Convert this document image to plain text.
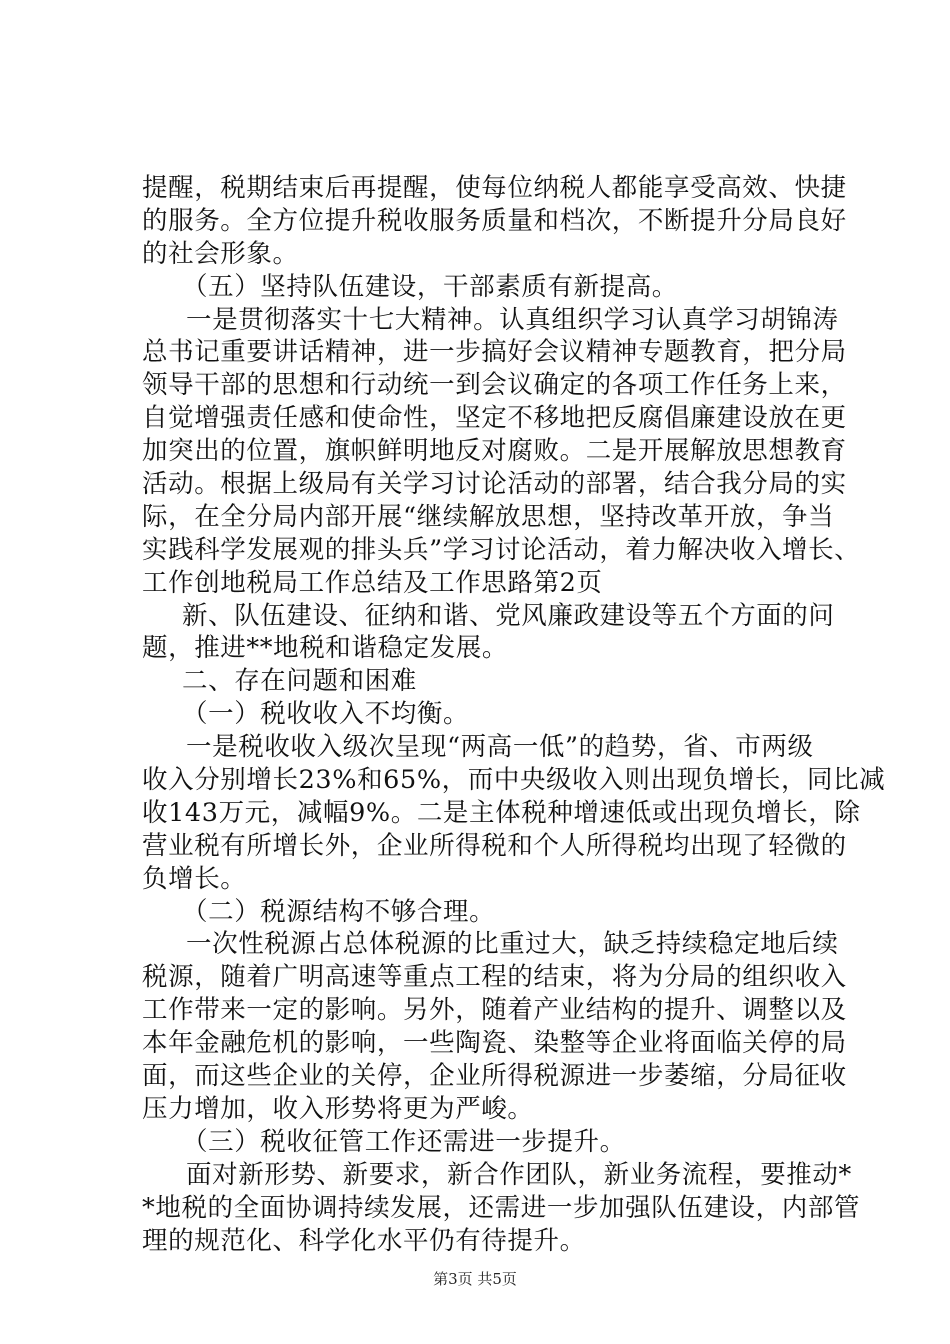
提醒，税期结束后再提醒，使每位纳税人都能享受高效、快捷
的服务。全方位提升税收服务质量和档次，不断提升分局良好
的社会形象。
（五）坚持队伍建设，干部素质有新提高。
一是贯彻落实十七大精神。认真组织学习认真学习胡锦涛
总书记重要讲话精神，进一步搞好会议精神专题教育，把分局
领导干部的思想和行动统一到会议确定的各项工作任务上来，
自觉增强责任感和使命性，坚定不移地把反腐倡廉建设放在更
加突出的位置，旗帜鲜明地反对腐败。二是开展解放思想教育
活动。根据上级局有关学习讨论活动的部署，结合我分局的实
际，在全分局内部开展“继续解放思想，坚持改革开放，争当
实践科学发展观的排头兵”学习讨论活动，着力解决收入增长、
工作创地税局工作总结及工作思路第2页
新、队伍建设、征纳和谐、党风廉政建设等五个方面的问
题，推进**地税和谐稳定发展。
二、存在问题和困难
（一）税收收入不均衡。
一是税收收入级次呈现“两高一低”的趋势，省、市两级
收入分别增长23%和65%，而中央级收入则出现负增长，同比减
收143万元，减幅9%。二是主体税种增速低或出现负增长，除
营业税有所增长外，企业所得税和个人所得税均出现了轻微的
负增长。
（二）税源结构不够合理。
一次性税源占总体税源的比重过大，缺乏持续稳定地后续
税源，随着广明高速等重点工程的结束，将为分局的组织收入
工作带来一定的影响。另外，随着产业结构的提升、调整以及
本年金融危机的影响，一些陶瓷、染整等企业将面临关停的局
面，而这些企业的关停，企业所得税源进一步萎缩，分局征收
压力增加，收入形势将更为严峻。
（三）税收征管工作还需进一步提升。
面对新形势、新要求，新合作团队，新业务流程，要推动*
*地税的全面协调持续发展，还需进一步加强队伍建设，内部管
理的规范化、科学化水平仍有待提升。
第3页 共5页
